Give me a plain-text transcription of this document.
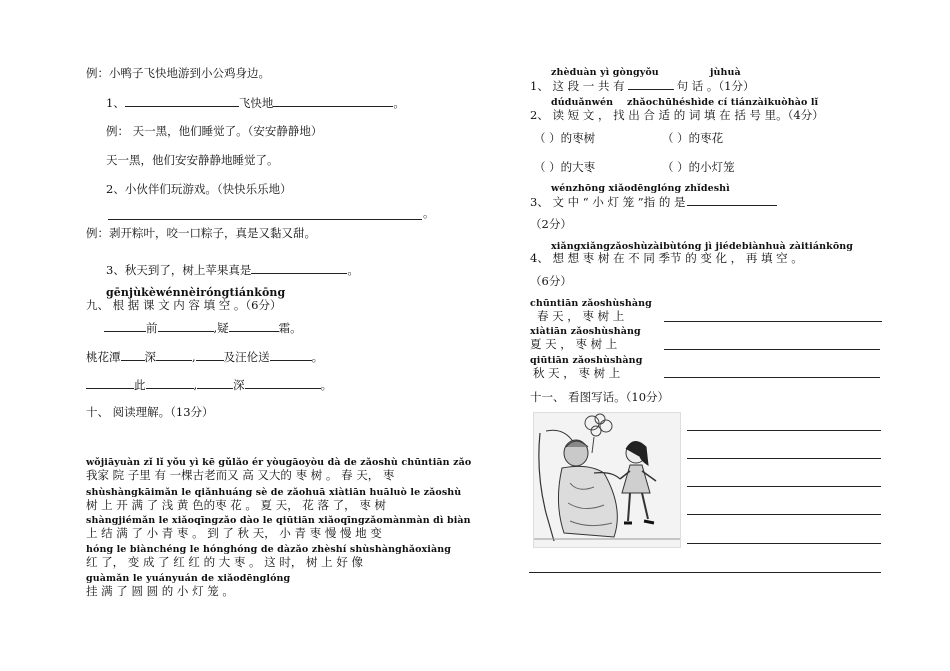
例：小鸭子飞快地游到小公鸡身边。
1、	飞快地	。
例： 天一黑，他们睡觉了。（安安静静地）
天一黑，他们安安静静地睡觉了。
2、小伙伴们玩游戏。（快快乐乐地）
。
例：剥开粽叶，咬一口粽子，真是又黏又甜。
3、秋天到了，树上苹果真是	。
gēnjùkèwénnèiróngtiánkōng
九、 根 据 课 文 内 容 填 空 。（6分）
前	,疑	霜。
桃花潭 深	, 及汪伦送	。
此	,	深	。
十、 阅读理解。（13分）
wǒjiāyuàn zǐ lǐ yǒu yì kē gǔlǎo ér yòugāoyòu dà de zǎoshù chūntiān zǎo
我家 院 子里 有 一棵古老而又 高 又大的 枣 树 。 春 天， 枣
shùshàngkāimǎn le qiǎnhuáng sè de zǎohuā xiàtiān huāluò le zǎoshù
树 上 开 满 了 浅 黄 色的枣 花 。 夏 天， 花 落 了， 枣 树
shàngjiémǎn le xiǎoqīngzǎo dào le qiūtiān xiǎoqīngzǎomànmàn dì biàn
上 结 满 了 小 青 枣 。 到 了 秋 天， 小 青 枣 慢 慢 地 变
hóng le biànchéng le hónghóng de dàzǎo zhèshí shùshànghǎoxiàng
红 了， 变 成 了 红 红 的 大 枣 。 这 时， 树 上 好 像
guàmǎn le yuányuán de xiǎodēnglóng
挂 满 了 圆 圆 的 小 灯 笼 。
zhèduàn yì gòngyǒu	jùhuà
1、 这 段 一 共 有	句 话 。（1分）
dúduǎnwén zhǎochūhéshìde cí tiánzàikuòhào lǐ
2、 读 短 文 ， 找 出 合 适 的 词 填 在 括 号 里。（4分）
（ ）的枣树	（ ）的枣花
（ ）的大枣	（ ）的小灯笼
wénzhōng xiǎodēnglóng zhǐdeshì
3、 文 中 “ 小 灯 笼 ”指 的 是
（2分）
xiǎngxiǎngzǎoshùzàibùtóng jì jiédebiànhuà zàitiánkōng
4、 想 想 枣 树 在 不 同 季节 的 变 化 ， 再 填 空 。
（6分）
chūntiān zǎoshùshàng
春 天 ， 枣 树 上
xiàtiān zǎoshùshàng
夏 天 ， 枣 树 上
qiūtiān zǎoshùshàng
秋 天 ， 枣 树 上
十一、 看图写话。（10分）
